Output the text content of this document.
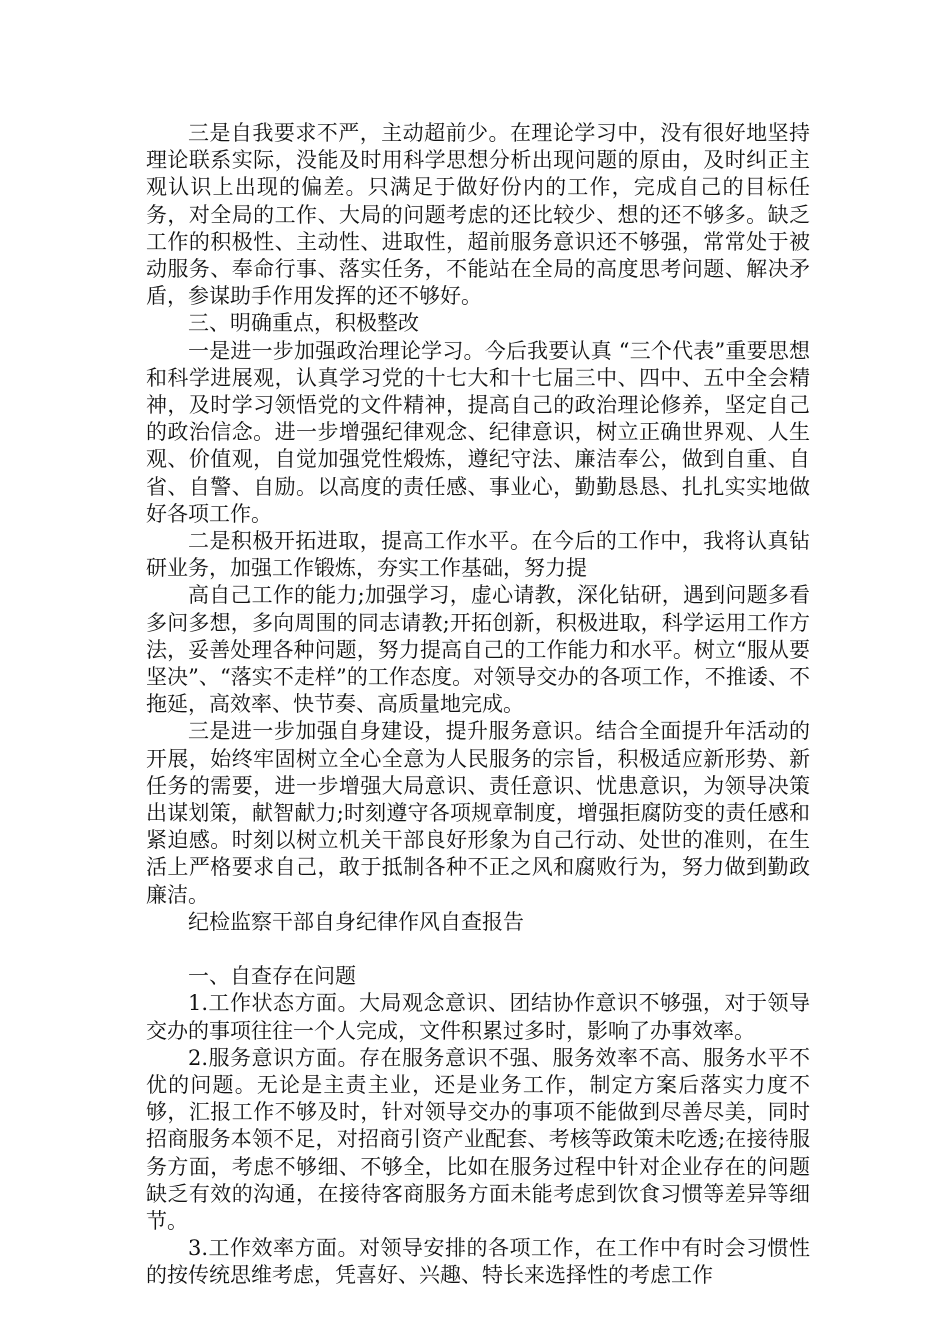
三是自我要求不严，主动超前少。在理论学习中，没有很好地坚持理论联系实际，没能及时用科学思想分析出现问题的原由，及时纠正主观认识上出现的偏差。只满足于做好份内的工作，完成自己的目标任务，对全局的工作、大局的问题考虑的还比较少、想的还不够多。缺乏工作的积极性、主动性、进取性，超前服务意识还不够强，常常处于被动服务、奉命行事、落实任务，不能站在全局的高度思考问题、解决矛盾，参谋助手作用发挥的还不够好。

三、明确重点，积极整改

一是进一步加强政治理论学习。今后我要认真 “三个代表”重要思想和科学进展观，认真学习党的十七大和十七届三中、四中、五中全会精神，及时学习领悟党的文件精神，提高自己的政治理论修养，坚定自己的政治信念。进一步增强纪律观念、纪律意识，树立正确世界观、人生观、价值观，自觉加强党性煅炼，遵纪守法、廉洁奉公，做到自重、自省、自警、自励。以高度的责任感、事业心，勤勤恳恳、扎扎实实地做好各项工作。

二是积极开拓进取，提高工作水平。在今后的工作中，我将认真钻研业务，加强工作锻炼，夯实工作基础，努力提

高自己工作的能力;加强学习，虚心请教，深化钻研，遇到问题多看多问多想，多向周围的同志请教;开拓创新，积极进取，科学运用工作方法，妥善处理各种问题，努力提高自己的工作能力和水平。树立“服从要坚决”、“落实不走样”的工作态度。对领导交办的各项工作，不推诿、不拖延，高效率、快节奏、高质量地完成。

三是进一步加强自身建设，提升服务意识。结合全面提升年活动的开展，始终牢固树立全心全意为人民服务的宗旨，积极适应新形势、新任务的需要，进一步增强大局意识、责任意识、忧患意识，为领导决策出谋划策，献智献力;时刻遵守各项规章制度，增强拒腐防变的责任感和紧迫感。时刻以树立机关干部良好形象为自己行动、处世的准则，在生活上严格要求自己，敢于抵制各种不正之风和腐败行为，努力做到勤政廉洁。

纪检监察干部自身纪律作风自查报告

一、自查存在问题

1.工作状态方面。大局观念意识、团结协作意识不够强，对于领导交办的事项往往一个人完成，文件积累过多时，影响了办事效率。

2.服务意识方面。存在服务意识不强、服务效率不高、服务水平不优的问题。无论是主责主业，还是业务工作，制定方案后落实力度不够，汇报工作不够及时，针对领导交办的事项不能做到尽善尽美，同时招商服务本领不足，对招商引资产业配套、考核等政策未吃透;在接待服务方面，考虑不够细、不够全，比如在服务过程中针对企业存在的问题缺乏有效的沟通，在接待客商服务方面未能考虑到饮食习惯等差异等细节。

3.工作效率方面。对领导安排的各项工作，在工作中有时会习惯性的按传统思维考虑，凭喜好、兴趣、特长来选择性的考虑工作
